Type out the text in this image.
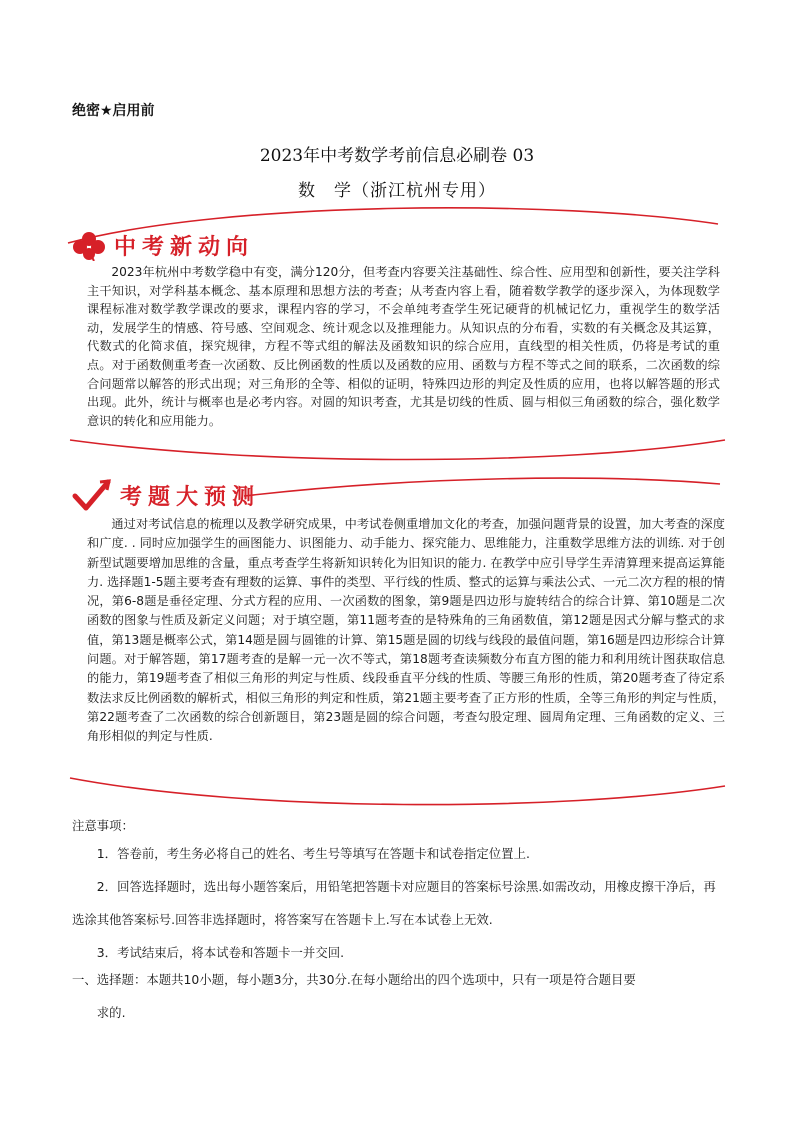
绝密★启用前
2023年中考数学考前信息必刷卷 03
数　学（浙江杭州专用）
中考新动向

2023年杭州中考数学稳中有变，满分120分，但考查内容要关注基础性、综合性、应用型和创新性，要关注学科主干知识，对学科基本概念、基本原理和思想方法的考查；从考查内容上看，随着数学教学的逐步深入，为体现数学课程标准对数学教学课改的要求，课程内容的学习，不会单纯考查学生死记硬背的机械记忆力，重视学生的数学活动，发展学生的情感、符号感、空间观念、统计观念以及推理能力。从知识点的分布看，实数的有关概念及其运算，代数式的化简求值，探究规律，方程不等式组的解法及函数知识的综合应用，直线型的相关性质，仍将是考试的重点。对于函数侧重考查一次函数、反比例函数的性质以及函数的应用、函数与方程不等式之间的联系，二次函数的综合问题常以解答的形式出现；对三角形的全等、相似的证明，特殊四边形的判定及性质的应用，也将以解答题的形式出现。此外，统计与概率也是必考内容。对圆的知识考查，尤其是切线的性质、圆与相似三角函数的综合，强化数学意识的转化和应用能力。

考题大预测

通过对考试信息的梳理以及教学研究成果，中考试卷侧重增加文化的考查，加强问题背景的设置，加大考查的深度和广度. . 同时应加强学生的画图能力、识图能力、动手能力、探究能力、思维能力，注重数学思维方法的训练. 对于创新型试题要增加思维的含量，重点考查学生将新知识转化为旧知识的能力. 在教学中应引导学生弄清算理来提高运算能力. 选择题1-5题主要考查有理数的运算、事件的类型、平行线的性质、整式的运算与乘法公式、一元二次方程的根的情况，第6-8题是垂径定理、分式方程的应用、一次函数的图象，第9题是四边形与旋转结合的综合计算、第10题是二次函数的图象与性质及新定义问题；对于填空题，第11题考查的是特殊角的三角函数值，第12题是因式分解与整式的求值，第13题是概率公式，第14题是圆与圆锥的计算、第15题是圆的切线与线段的最值问题，第16题是四边形综合计算问题。对于解答题，第17题考查的是解一元一次不等式，第18题考查读频数分布直方图的能力和利用统计图获取信息的能力，第19题考查了相似三角形的判定与性质、线段垂直平分线的性质、等腰三角形的性质，第20题考查了待定系数法求反比例函数的解析式，相似三角形的判定和性质，第21题主要考查了正方形的性质，全等三角形的判定与性质，第22题考查了二次函数的综合创新题目，第23题是圆的综合问题，考查勾股定理、圆周角定理、三角函数的定义、三角形相似的判定与性质.

注意事项：

1．答卷前，考生务必将自己的姓名、考生号等填写在答题卡和试卷指定位置上.

2．回答选择题时，选出每小题答案后，用铅笔把答题卡对应题目的答案标号涂黑.如需改动，用橡皮擦干净后，再选涂其他答案标号.回答非选择题时，将答案写在答题卡上.写在本试卷上无效.

3．考试结束后，将本试卷和答题卡一并交回.

一、选择题：本题共10小题，每小题3分，共30分.在每小题给出的四个选项中，只有一项是符合题目要
求的.
